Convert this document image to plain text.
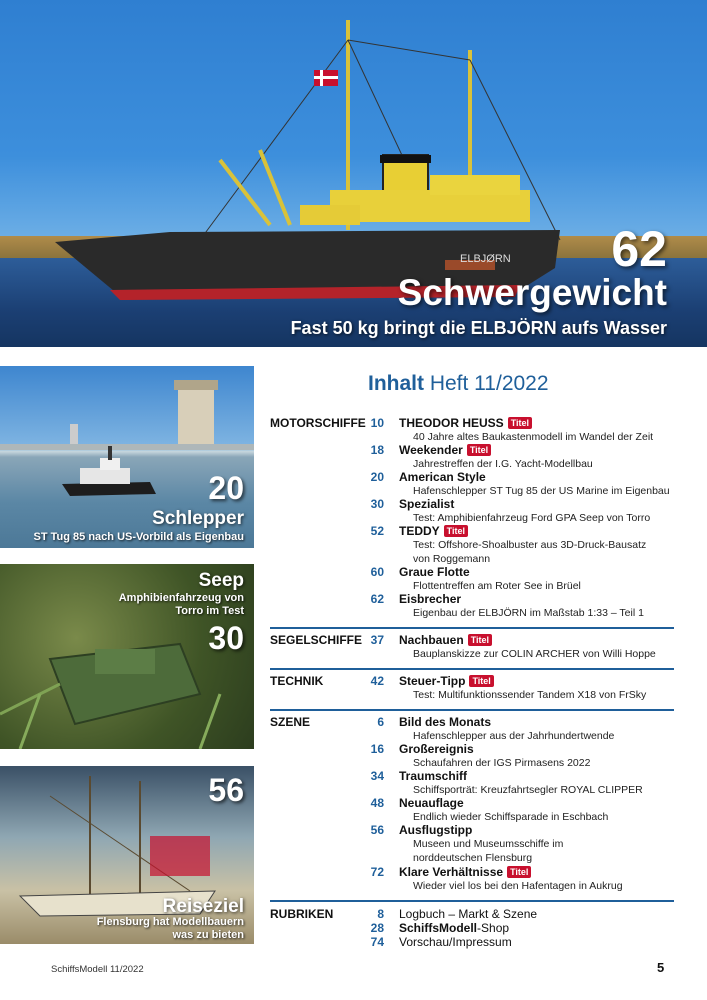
ELBJØRN 62
Schwergewicht
Fast 50 kg bringt die ELBJÖRN aufs Wasser
20
Schlepper
ST Tug 85 nach US-Vorbild als Eigenbau
Seep
Amphibienfahrzeug von Torro im Test
30
56
Reiseziel
Flensburg hat Modellbauern was zu bieten
Inhalt Heft 11/2022
MOTORSCHIFFE 10 THEODOR HEUSS Titel
40 Jahre altes Baukastenmodell im Wandel der Zeit
18 Weekender Titel
Jahrestreffen der I.G. Yacht-Modellbau
20 American Style
Hafenschlepper ST Tug 85 der US Marine im Eigenbau
30 Spezialist
Test: Amphibienfahrzeug Ford GPA Seep von Torro
52 TEDDY Titel
Test: Offshore-Shoalbuster aus 3D-Druck-Bausatz
von Roggemann
60 Graue Flotte
Flottentreffen am Roter See in Brüel
62 Eisbrecher
Eigenbau der ELBJÖRN im Maßstab 1:33 – Teil 1
SEGELSCHIFFE 37 Nachbauen Titel
Bauplanskizze zur COLIN ARCHER von Willi Hoppe
TECHNIK	42 Steuer-Tipp Titel
Test: Multifunktionssender Tandem X18 von FrSky
SZENE	6 Bild des Monats
Hafenschlepper aus der Jahrhundertwende
16 Großereignis
Schaufahren der IGS Pirmasens 2022
34 Traumschiff
Schiffsporträt: Kreuzfahrtsegler ROYAL CLIPPER
48 Neuauflage
Endlich wieder Schiffsparade in Eschbach
56 Ausflugstipp
Museen und Museumsschiffe im
norddeutschen Flensburg
72 Klare Verhältnisse Titel
Wieder viel los bei den Hafentagen in Aukrug
RUBRIKEN	8 Logbuch – Markt & Szene
28 SchiffsModell-Shop
74 Vorschau/Impressum
SchiffsModell 11/2022	5
